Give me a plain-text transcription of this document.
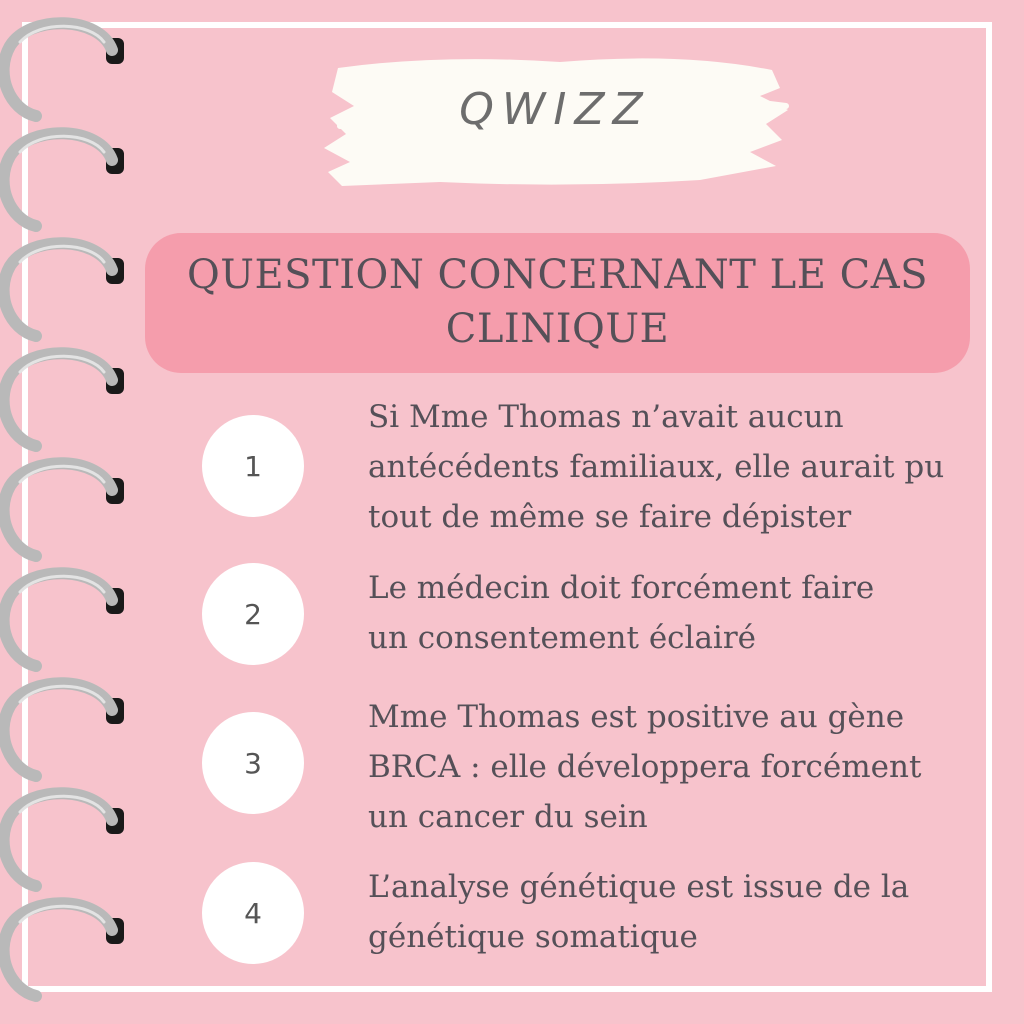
QWIZZ
QUESTION CONCERNANT LE CAS
CLINIQUE
1
Si Mme Thomas n’avait aucun
antécédents familiaux, elle aurait pu
tout de même se faire dépister
2
Le médecin doit forcément faire
un consentement éclairé
3
Mme Thomas est positive au gène
BRCA : elle développera forcément
un cancer du sein
4
L’analyse génétique est issue de la
génétique somatique
